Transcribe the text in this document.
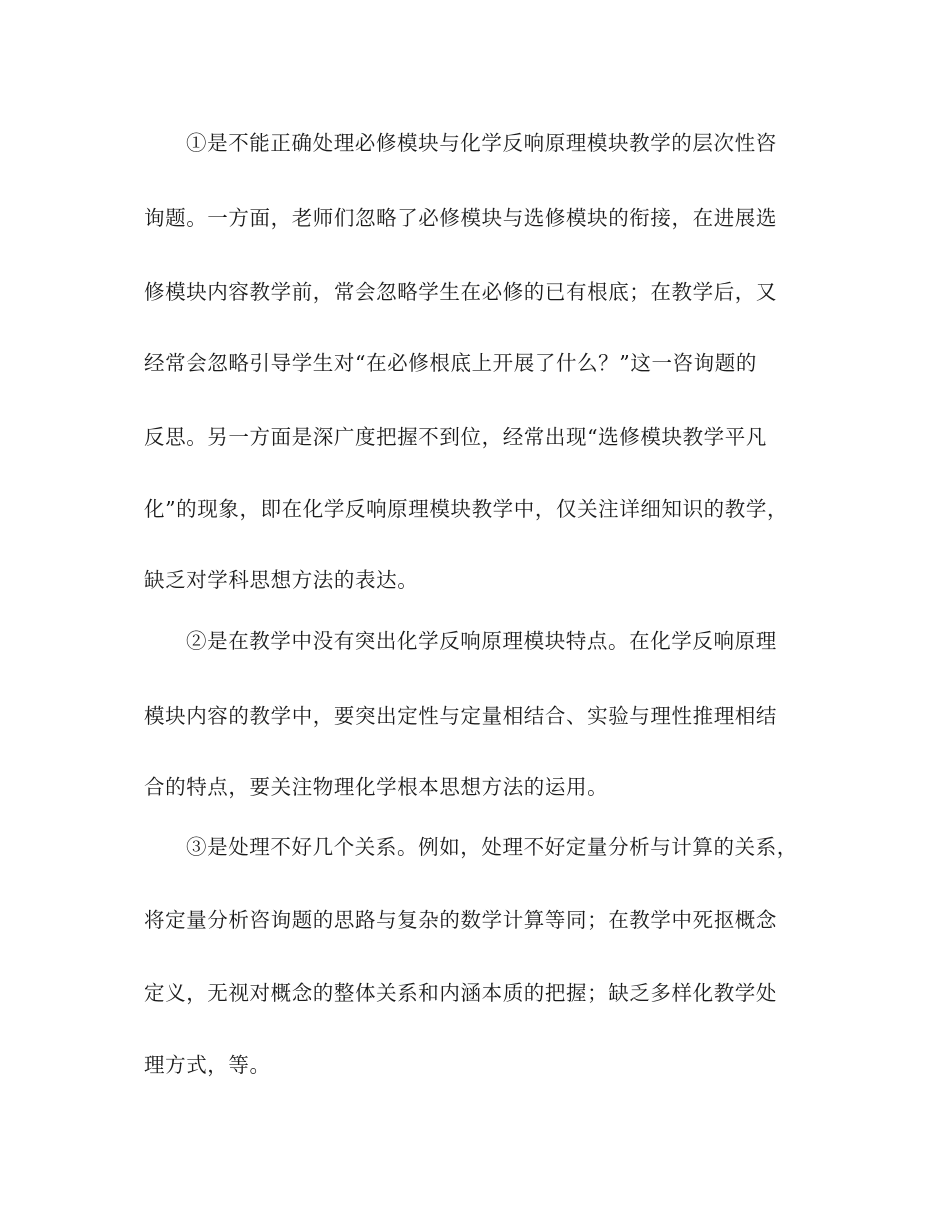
①是不能正确处理必修模块与化学反响原理模块教学的层次性咨
询题。一方面，老师们忽略了必修模块与选修模块的衔接，在进展选
修模块内容教学前，常会忽略学生在必修的已有根底；在教学后，又
经常会忽略引导学生对“在必修根底上开展了什么？”这一咨询题的
反思。另一方面是深广度把握不到位，经常出现“选修模块教学平凡
化”的现象，即在化学反响原理模块教学中，仅关注详细知识的教学，
缺乏对学科思想方法的表达。
②是在教学中没有突出化学反响原理模块特点。在化学反响原理
模块内容的教学中，要突出定性与定量相结合、实验与理性推理相结
合的特点，要关注物理化学根本思想方法的运用。
③是处理不好几个关系。例如，处理不好定量分析与计算的关系，
将定量分析咨询题的思路与复杂的数学计算等同；在教学中死抠概念
定义，无视对概念的整体关系和内涵本质的把握；缺乏多样化教学处
理方式，等。
